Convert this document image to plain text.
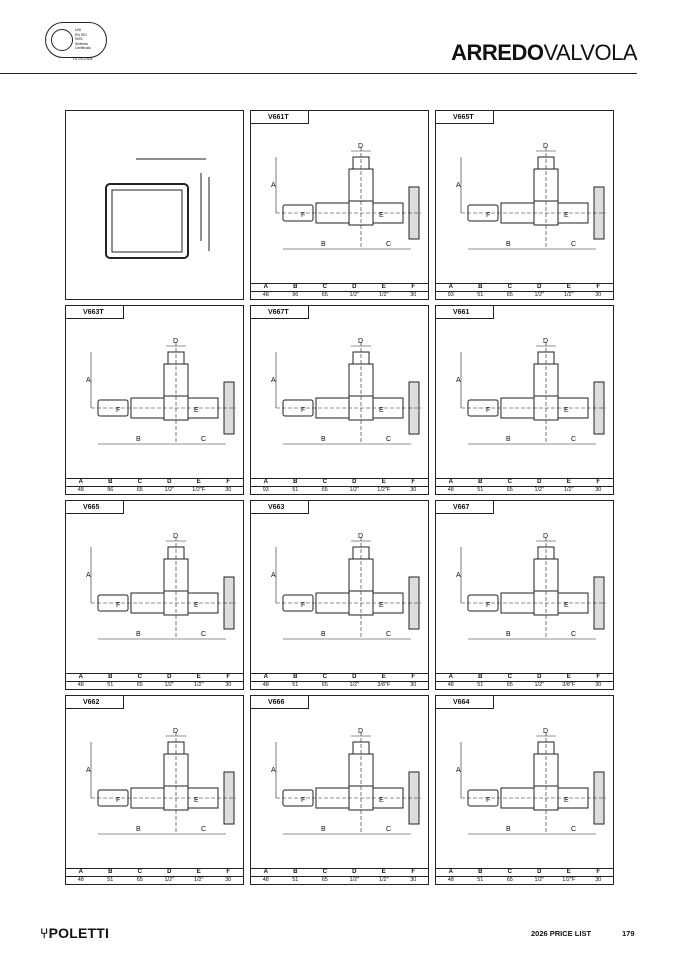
UNI
EN ISO
9001
Sistema
Certificato
TS 29-2301	ARREDOVALVOLA
A
B	C
D
E
F
V661T
A	B	C	D	E	F
48	96	65	1/2"	1/2"	30
A
B	C
D
E
F
V665T
A	B	C	D	E	F
93	51	65	1/2"	1/2"	30
A
B	C
D
E
F
V663T
A	B	C	D	E	F
48	96	65	1/2"	1/2"F	30
A
B	C
D
E
F
V667T
A	B	C	D	E	F
93	51	65	1/2"	1/2"F	30
A
B	C
D
E
F
V661
A	B	C	D	E	F
48	51	65	1/2"	1/2"	30
A
B	C
D
E
F
V665
A	B	C	D	E	F
48	51	65	1/2"	1/2"	30
A
B	C
D
E
F
V663
A	B	C	D	E	F
48	51	65	1/2"	3/8"F	30
A
B	C
D
E
F
V667
A	B	C	D	E	F
48	51	65	1/2"	3/8"F	30
A
B	C
D
E
F
V662
A	B	C	D	E	F
48	51	65	1/2"	1/2"	30
A
B	C
D
E
F
V666
A	B	C	D	E	F
48	51	65	1/2"	1/2"	30
A
B	C
D
E
F
V664
A	B	C	D	E	F
48	51	65	1/2"	1/2"F	30
⑂POLETTI	2026 PRICE LIST	179
